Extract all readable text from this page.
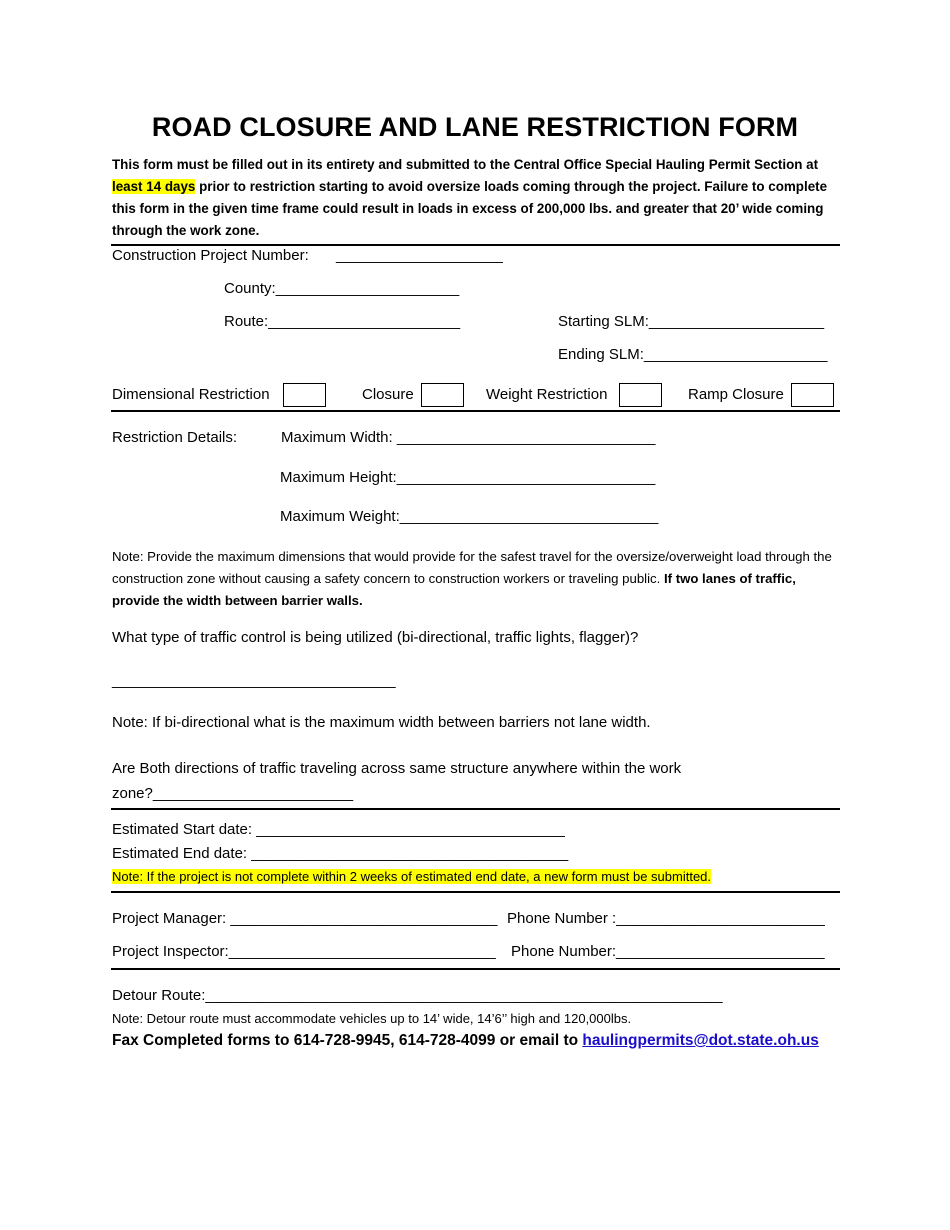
ROAD CLOSURE AND LANE RESTRICTION FORM
This form must be filled out in its entirety and submitted to the Central Office Special Hauling Permit Section at least 14 days prior to restriction starting to avoid oversize loads coming through the project. Failure to complete this form in the given time frame could result in loads in excess of 200,000 lbs. and greater that 20’ wide coming through the work zone.
Construction Project Number: ____________________
County:______________________
Route:_______________________	Starting SLM:_____________________
Ending SLM:______________________
Dimensional Restriction	Closure	Weight Restriction	Ramp Closure
Restriction Details:	Maximum Width: _______________________________
Maximum Height:_______________________________
Maximum Weight:_______________________________
Note: Provide the maximum dimensions that would provide for the safest travel for the oversize/overweight load through the construction zone without causing a safety concern to construction workers or traveling public. If two lanes of traffic, provide the width between barrier walls.
What type of traffic control is being utilized (bi-directional, traffic lights, flagger)?
__________________________________
Note: If bi-directional what is the maximum width between barriers not lane width.
Are Both directions of traffic traveling across same structure anywhere within the work
zone?________________________
Estimated Start date: _____________________________________
Estimated End date: ______________________________________
Note: If the project is not complete within 2 weeks of estimated end date, a new form must be submitted.
Project Manager: ________________________________ Phone Number :_________________________
Project Inspector:________________________________ Phone Number:_________________________
Detour Route:______________________________________________________________
Note: Detour route must accommodate vehicles up to 14’ wide, 14’6’’ high and 120,000lbs.
Fax Completed forms to 614-728-9945, 614-728-4099 or email to haulingpermits@dot.state.oh.us
